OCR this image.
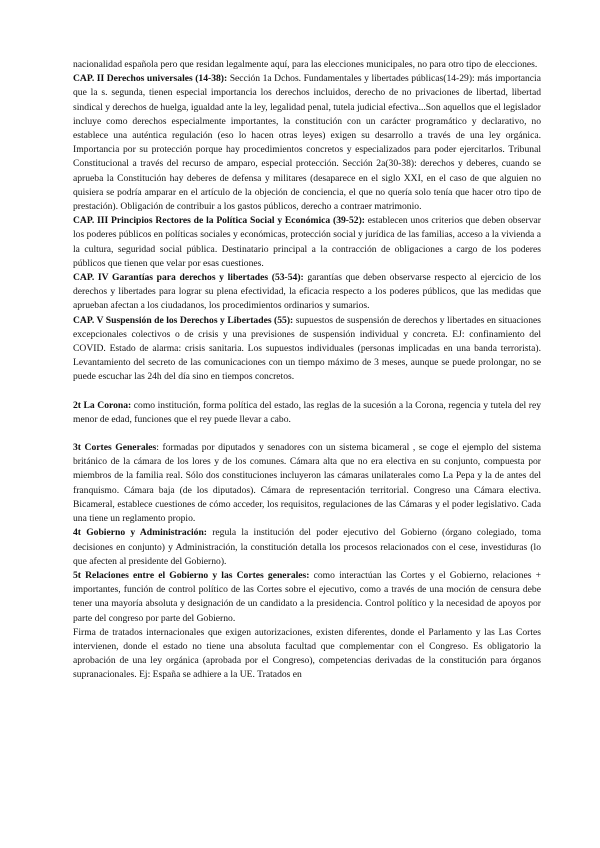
nacionalidad española pero que residan legalmente aquí, para las elecciones municipales, no para otro tipo de elecciones.

CAP. II Derechos universales (14-38): Sección 1a Dchos. Fundamentales y libertades públicas(14-29): más importancia que la s. segunda, tienen especial importancia los derechos incluidos, derecho de no privaciones de libertad, libertad sindical y derechos de huelga, igualdad ante la ley, legalidad penal, tutela judicial efectiva...Son aquellos que el legislador incluye como derechos especialmente importantes, la constitución con un carácter programático y declarativo, no establece una auténtica regulación (eso lo hacen otras leyes) exigen su desarrollo a través de una ley orgánica. Importancia por su protección porque hay procedimientos concretos y especializados para poder ejercitarlos. Tribunal Constitucional a través del recurso de amparo, especial protección. Sección 2a(30-38): derechos y deberes, cuando se aprueba la Constitución hay deberes de defensa y militares (desaparece en el siglo XXI, en el caso de que alguien no quisiera se podría amparar en el artículo de la objeción de conciencia, el que no quería solo tenía que hacer otro tipo de prestación). Obligación de contribuir a los gastos públicos, derecho a contraer matrimonio.

CAP. III Principios Rectores de la Política Social y Económica (39-52): establecen unos criterios que deben observar los poderes públicos en políticas sociales y económicas, protección social y jurídica de las familias, acceso a la vivienda a la cultura, seguridad social pública. Destinatario principal a la contracción de obligaciones a cargo de los poderes públicos que tienen que velar por esas cuestiones.

CAP. IV Garantías para derechos y libertades (53-54): garantías que deben observarse respecto al ejercicio de los derechos y libertades para lograr su plena efectividad, la eficacia respecto a los poderes públicos, que las medidas que aprueban afectan a los ciudadanos, los procedimientos ordinarios y sumarios.

CAP. V Suspensión de los Derechos y Libertades (55): supuestos de suspensión de derechos y libertades en situaciones excepcionales colectivos o de crisis y una previsiones de suspensión individual y concreta. EJ: confinamiento del COVID. Estado de alarma: crisis sanitaria. Los supuestos individuales (personas implicadas en una banda terrorista). Levantamiento del secreto de las comunicaciones con un tiempo máximo de 3 meses, aunque se puede prolongar, no se puede escuchar las 24h del día sino en tiempos concretos.

2t La Corona: como institución, forma política del estado, las reglas de la sucesión a la Corona, regencia y tutela del rey menor de edad, funciones que el rey puede llevar a cabo.

3t Cortes Generales: formadas por diputados y senadores con un sistema bicameral , se coge el ejemplo del sistema británico de la cámara de los lores y de los comunes. Cámara alta que no era electiva en su conjunto, compuesta por miembros de la familia real. Sólo dos constituciones incluyeron las cámaras unilaterales como La Pepa y la de antes del franquismo. Cámara baja (de los diputados). Cámara de representación territorial. Congreso una Cámara electiva. Bicameral, establece cuestiones de cómo acceder, los requisitos, regulaciones de las Cámaras y el poder legislativo. Cada una tiene un reglamento propio.

4t Gobierno y Administración: regula la institución del poder ejecutivo del Gobierno (órgano colegiado, toma decisiones en conjunto) y Administración, la constitución detalla los procesos relacionados con el cese, investiduras (lo que afecten al presidente del Gobierno).

5t Relaciones entre el Gobierno y las Cortes generales: como interactúan las Cortes y el Gobierno, relaciones + importantes, función de control político de las Cortes sobre el ejecutivo, como a través de una moción de censura debe tener una mayoría absoluta y designación de un candidato a la presidencia. Control político y la necesidad de apoyos por parte del congreso por parte del Gobierno.

Firma de tratados internacionales que exigen autorizaciones, existen diferentes, donde el Parlamento y las Las Cortes intervienen, donde el estado no tiene una absoluta facultad que complementar con el Congreso. Es obligatorio la aprobación de una ley orgánica (aprobada por el Congreso), competencias derivadas de la constitución para órganos supranacionales. Ej: España se adhiere a la UE. Tratados en
